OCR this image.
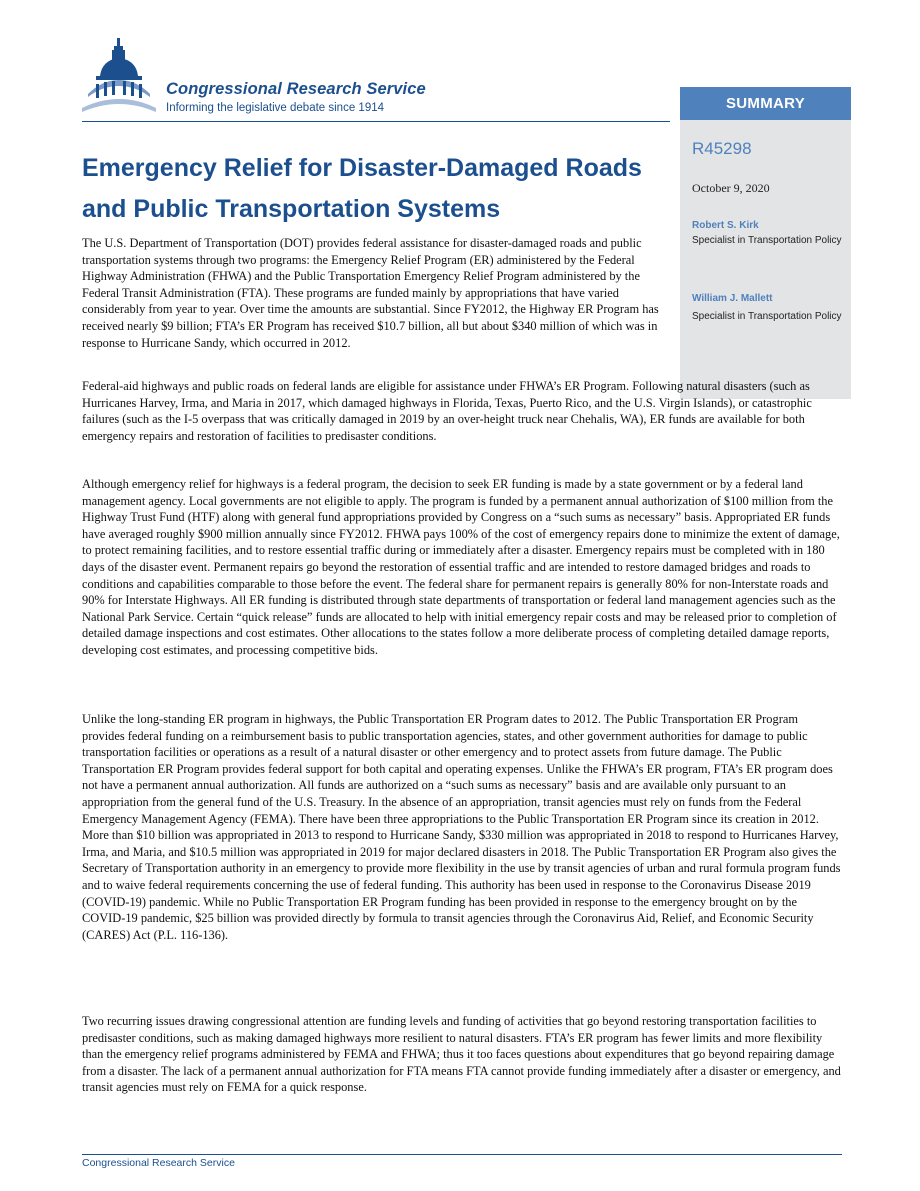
Congressional Research Service
Informing the legislative debate since 1914	SUMMARY
R45298
October 9, 2020
Robert S. Kirk
Specialist in Transportation Policy
William J. Mallett
Specialist in Transportation Policy
Emergency Relief for Disaster-Damaged Roads and Public Transportation Systems

The U.S. Department of Transportation (DOT) provides federal assistance for disaster-damaged roads and public transportation systems through two programs: the Emergency Relief Program (ER) administered by the Federal Highway Administration (FHWA) and the Public Transportation Emergency Relief Program administered by the Federal Transit Administration (FTA). These programs are funded mainly by appropriations that have varied considerably from year to year. Over time the amounts are substantial. Since FY2012, the Highway ER Program has received nearly $9 billion; FTA’s ER Program has received $10.7 billion, all but about $340 million of which was in response to Hurricane Sandy, which occurred in 2012.

Federal-aid highways and public roads on federal lands are eligible for assistance under FHWA’s ER Program. Following natural disasters (such as Hurricanes Harvey, Irma, and Maria in 2017, which damaged highways in Florida, Texas, Puerto Rico, and the U.S. Virgin Islands), or catastrophic failures (such as the I-5 overpass that was critically damaged in 2019 by an over-height truck near Chehalis, WA), ER funds are available for both emergency repairs and restoration of facilities to predisaster conditions.

Although emergency relief for highways is a federal program, the decision to seek ER funding is made by a state government or by a federal land management agency. Local governments are not eligible to apply. The program is funded by a permanent annual authorization of $100 million from the Highway Trust Fund (HTF) along with general fund appropriations provided by Congress on a “such sums as necessary” basis. Appropriated ER funds have averaged roughly $900 million annually since FY2012. FHWA pays 100% of the cost of emergency repairs done to minimize the extent of damage, to protect remaining facilities, and to restore essential traffic during or immediately after a disaster. Emergency repairs must be completed with in 180 days of the disaster event. Permanent repairs go beyond the restoration of essential traffic and are intended to restore damaged bridges and roads to conditions and capabilities comparable to those before the event. The federal share for permanent repairs is generally 80% for non-Interstate roads and 90% for Interstate Highways. All ER funding is distributed through state departments of transportation or federal land management agencies such as the National Park Service. Certain “quick release” funds are allocated to help with initial emergency repair costs and may be released prior to completion of detailed damage inspections and cost estimates. Other allocations to the states follow a more deliberate process of completing detailed damage reports, developing cost estimates, and processing competitive bids.

Unlike the long-standing ER program in highways, the Public Transportation ER Program dates to 2012. The Public Transportation ER Program provides federal funding on a reimbursement basis to public transportation agencies, states, and other government authorities for damage to public transportation facilities or operations as a result of a natural disaster or other emergency and to protect assets from future damage. The Public Transportation ER Program provides federal support for both capital and operating expenses. Unlike the FHWA’s ER program, FTA’s ER program does not have a permanent annual authorization. All funds are authorized on a “such sums as necessary” basis and are available only pursuant to an appropriation from the general fund of the U.S. Treasury. In the absence of an appropriation, transit agencies must rely on funds from the Federal Emergency Management Agency (FEMA). There have been three appropriations to the Public Transportation ER Program since its creation in 2012. More than $10 billion was appropriated in 2013 to respond to Hurricane Sandy, $330 million was appropriated in 2018 to respond to Hurricanes Harvey, Irma, and Maria, and $10.5 million was appropriated in 2019 for major declared disasters in 2018. The Public Transportation ER Program also gives the Secretary of Transportation authority in an emergency to provide more flexibility in the use by transit agencies of urban and rural formula program funds and to waive federal requirements concerning the use of federal funding. This authority has been used in response to the Coronavirus Disease 2019 (COVID-19) pandemic. While no Public Transportation ER Program funding has been provided in response to the emergency brought on by the COVID-19 pandemic, $25 billion was provided directly by formula to transit agencies through the Coronavirus Aid, Relief, and Economic Security (CARES) Act (P.L. 116-136).

Two recurring issues drawing congressional attention are funding levels and funding of activities that go beyond restoring transportation facilities to predisaster conditions, such as making damaged highways more resilient to natural disasters. FTA’s ER program has fewer limits and more flexibility than the emergency relief programs administered by FEMA and FHWA; thus it too faces questions about expenditures that go beyond repairing damage from a disaster. The lack of a permanent annual authorization for FTA means FTA cannot provide funding immediately after a disaster or emergency, and transit agencies must rely on FEMA for a quick response.

Congressional Research Service
